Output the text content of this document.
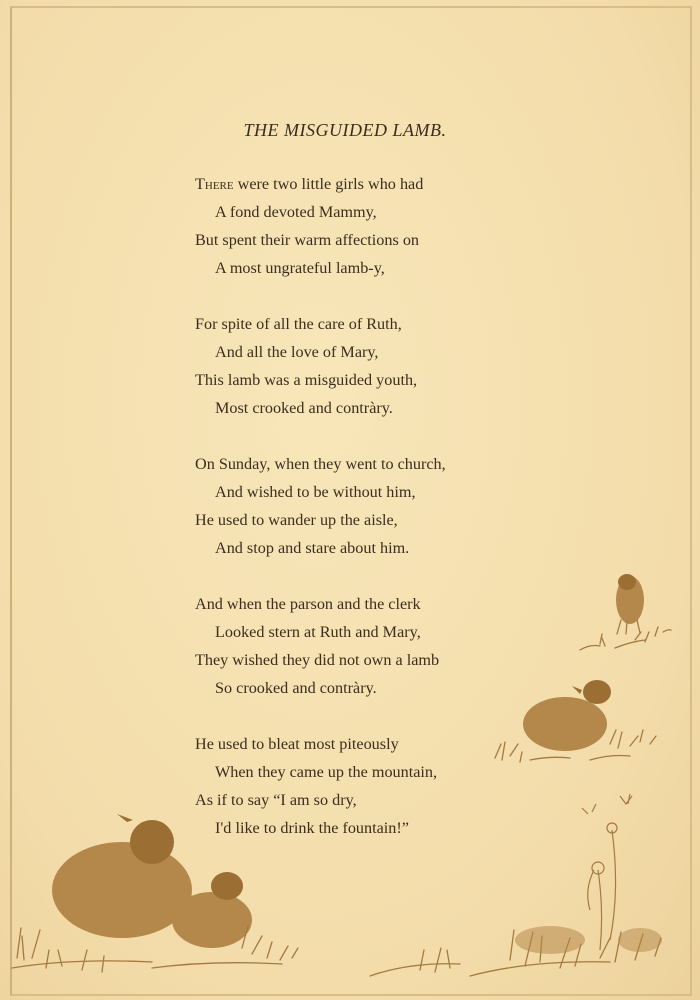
THE MISGUIDED LAMB.
There were two little girls who had
A fond devoted Mammy,
But spent their warm affections on
A most ungrateful lamb-y,
For spite of all the care of Ruth,
And all the love of Mary,
This lamb was a misguided youth,
Most crooked and contràry.
On Sunday, when they went to church,
And wished to be without him,
He used to wander up the aisle,
And stop and stare about him.
And when the parson and the clerk
Looked stern at Ruth and Mary,
They wished they did not own a lamb
So crooked and contràry.
He used to bleat most piteously
When they came up the mountain,
As if to say “I am so dry,
I'd like to drink the fountain!”
